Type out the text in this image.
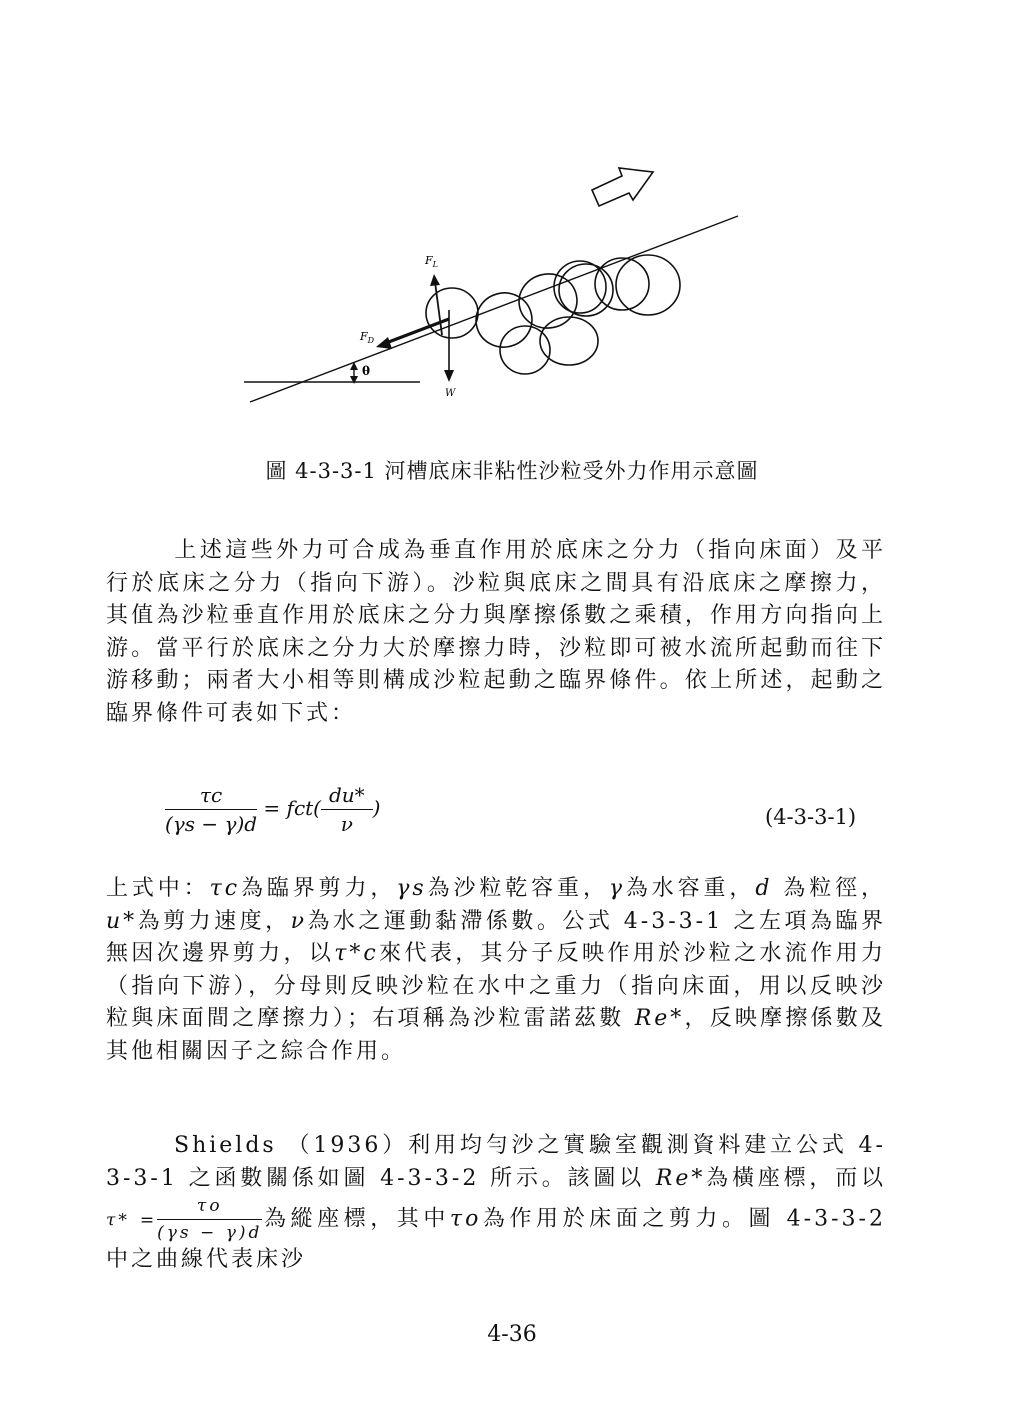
$F_L$
$F_D$
W
θ
圖 4-3-3-1 河槽底床非粘性沙粒受外力作用示意圖
上述這些外力可合成為垂直作用於底床之分力（指向床面）及平行於底床之分力（指向下游）。沙粒與底床之間具有沿底床之摩擦力，其值為沙粒垂直作用於底床之分力與摩擦係數之乘積，作用方向指向上游。當平行於底床之分力大於摩擦力時，沙粒即可被水流所起動而往下游移動；兩者大小相等則構成沙粒起動之臨界條件。依上所述，起動之臨界條件可表如下式：
$\frac{\tau c}{(\gamma s - \gamma)d} = fct( \frac{du*}{\nu}$ )	(4-3-3-1)
上式中：τc為臨界剪力，γs為沙粒乾容重，γ為水容重，d 為粒徑，u*為剪力速度，ν為水之運動黏滯係數。公式 4-3-3-1 之左項為臨界無因次邊界剪力，以τ*c來代表，其分子反映作用於沙粒之水流作用力（指向下游），分母則反映沙粒在水中之重力（指向床面，用以反映沙粒與床面間之摩擦力）；右項稱為沙粒雷諾茲數 Re*，反映摩擦係數及其他相關因子之綜合作用。
Shields （1936）利用均勻沙之實驗室觀測資料建立公式 4-3-3-1 之函數關係如圖 4-3-3-2 所示。該圖以 Re*為橫座標，而以$\tau* = \frac{\tau o}{(\gamma s - \gamma)d}$ 為縱座標，其中τo為作用於床面之剪力。圖 4-3-3-2 中之曲線代表床沙
4-36
